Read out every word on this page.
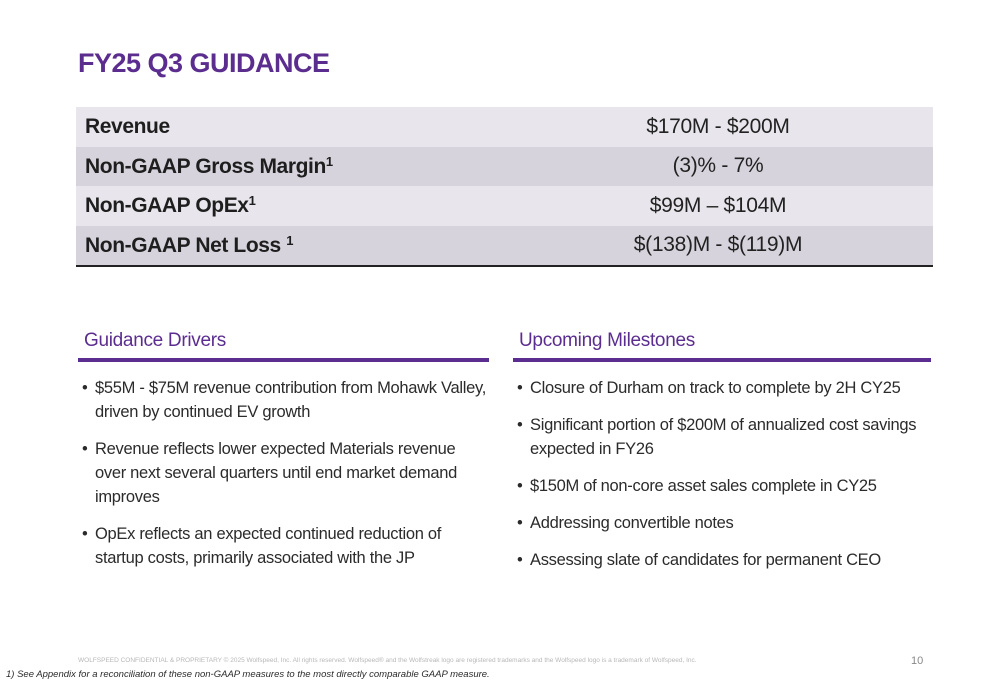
FY25 Q3 GUIDANCE
Revenue	$170M - $200M
Non-GAAP Gross Margin$^1$	(3)% - 7%
Non-GAAP OpEx$^1$	$99M – $104M
Non-GAAP Net Loss $^1$	$(138)M - $(119)M
Guidance Drivers
• $55M - $75M revenue contribution from Mohawk Valley, driven by continued EV growth
• Revenue reflects lower expected Materials revenue over next several quarters until end market demand improves
• OpEx reflects an expected continued reduction of startup costs, primarily associated with the JP
Upcoming Milestones
• Closure of Durham on track to complete by 2H CY25
• Significant portion of $200M of annualized cost savings expected in FY26
• $150M of non-core asset sales complete in CY25
• Addressing convertible notes
• Assessing slate of candidates for permanent CEO
WOLFSPEED CONFIDENTIAL & PROPRIETARY © 2025 Wolfspeed, Inc. All rights reserved. Wolfspeed® and the Wolfstreak logo are registered trademarks and the Wolfspeed logo is a trademark of Wolfspeed, Inc.	10
1) See Appendix for a reconciliation of these non-GAAP measures to the most directly comparable GAAP measure.
